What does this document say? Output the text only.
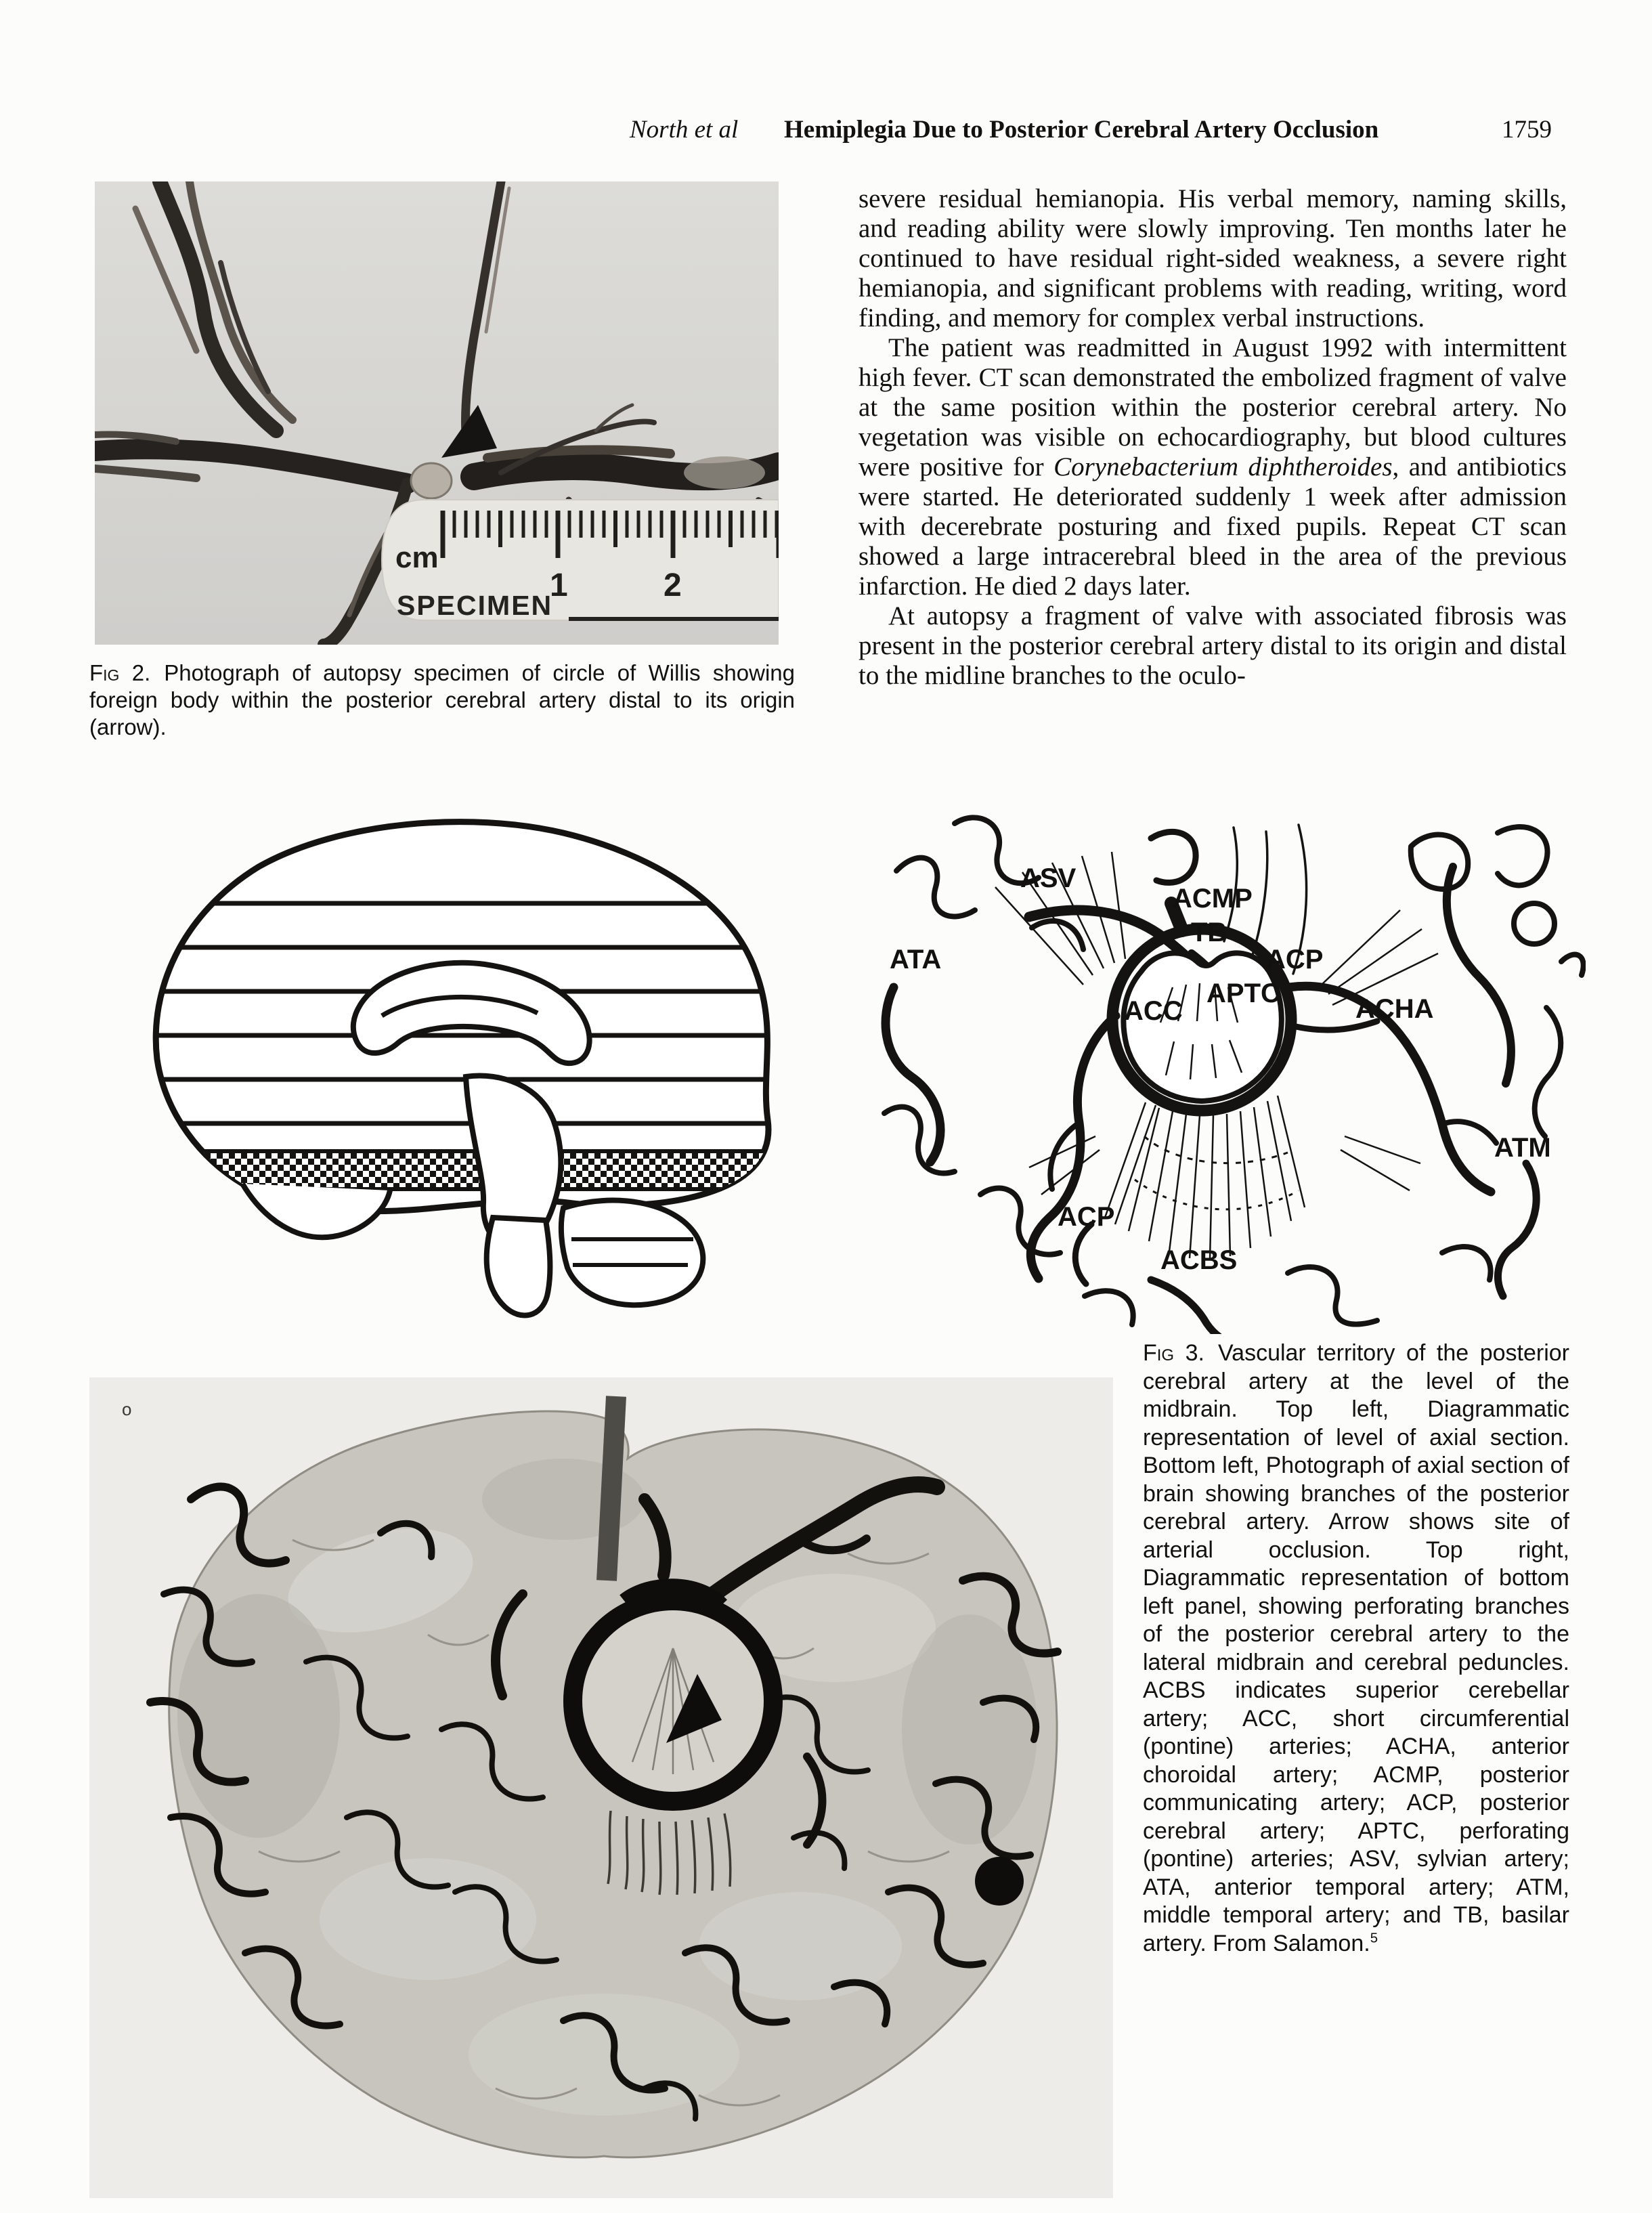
North et al Hemiplegia Due to Posterior Cerebral Artery Occlusion	1759
cm
1	2
SPECIMEN
Fig 2. Photograph of autopsy specimen of circle of Willis showing foreign body within the posterior cerebral artery distal to its origin (arrow).

severe residual hemianopia. His verbal memory, naming skills, and reading ability were slowly improving. Ten months later he continued to have residual right-sided weakness, a severe right hemianopia, and significant problems with reading, writing, word finding, and memory for complex verbal instructions.

The patient was readmitted in August 1992 with intermittent high fever. CT scan demonstrated the embolized fragment of valve at the same position within the posterior cerebral artery. No vegetation was visible on echocardiography, but blood cultures were positive for Corynebacterium diphtheroides, and antibiotics were started. He deteriorated suddenly 1 week after admission with decerebrate posturing and fixed pupils. Repeat CT scan showed a large intracerebral bleed in the area of the previous infarction. He died 2 days later.

At autopsy a fragment of valve with associated fibrosis was present in the posterior cerebral artery distal to its origin and distal to the midline branches to the oculo-

ASV
ACMP
TB
ATA	ACP
ACC
APTC
ACHA
ATM
ACP
ACBS
o
Fig 3. Vascular territory of the posterior cerebral artery at the level of the midbrain. Top left, Diagrammatic representation of level of axial section. Bottom left, Photograph of axial section of brain showing branches of the posterior cerebral artery. Arrow shows site of arterial occlusion. Top right, Diagrammatic representation of bottom left panel, showing perforating branches of the posterior cerebral artery to the lateral midbrain and cerebral peduncles. ACBS indicates superior cerebellar artery; ACC, short circumferential (pontine) arteries; ACHA, anterior choroidal artery; ACMP, posterior communicating artery; ACP, posterior cerebral artery; APTC, perforating (pontine) arteries; ASV, sylvian artery; ATA, anterior temporal artery; ATM, middle temporal artery; and TB, basilar artery. From Salamon.$^5$
